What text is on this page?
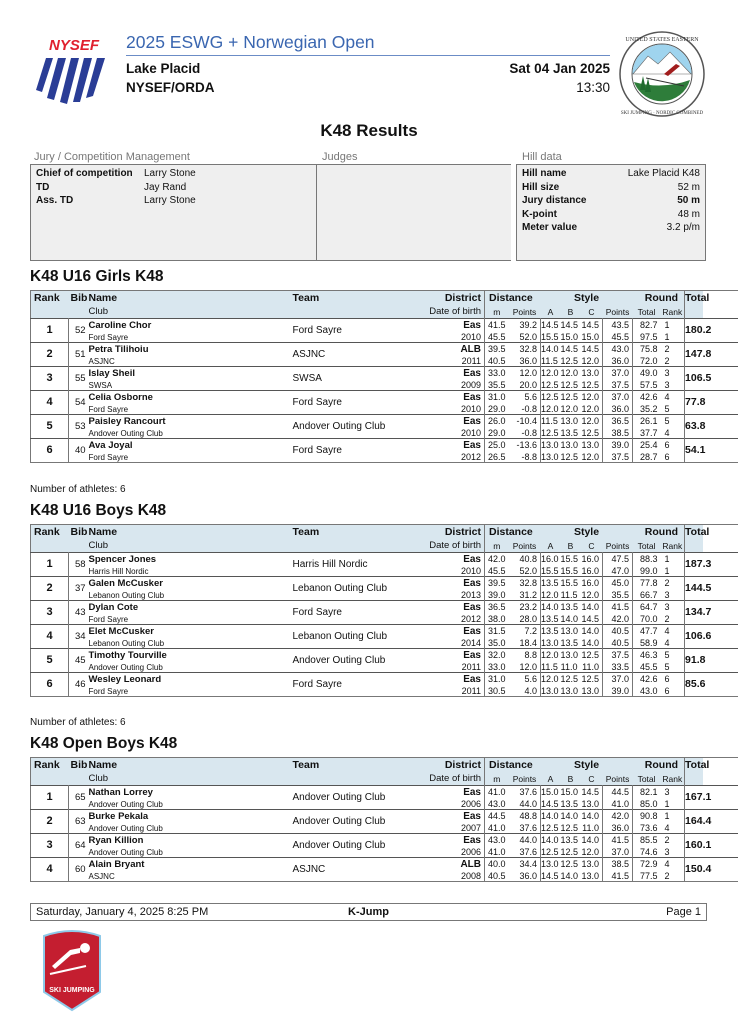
NYSEF 2025 ESWG + Norwegian Open
Lake Placid
NYSEF/ORDA
Sat 04 Jan 2025
13:30
UNITED STATES EASTERN
SKI JUMPING · NORDIC COMBINED
K48 Results
Jury / Competition Management	Judges	Hill data
Chief of competition	Larry Stone
TD	Jay Rand
Ass. TD	Larry Stone
Hill name	Lake Placid K48
Hill size	52 m
Jury distance	50 m
K-point	48 m
Meter value	3.2 p/m
K48 U16 Girls K48
Rank	Bib	Name	Team	District	Distance		Style				Round		Total
		Club		Date of birth	m	Points	A	B	C	Points	Total	Rank	
1	52	Caroline Chor	Ford Sayre	Eas	41.5	39.2	14.5	14.5	14.5	43.5	82.7	1	180.2
		Ford Sayre		2010	45.5	52.0	15.5	15.0	15.0	45.5	97.5	1	
2	51	Petra Tilihoiu	ASJNC	ALB	39.5	32.8	14.0	14.5	14.5	43.0	75.8	2	147.8
		ASJNC		2011	40.5	36.0	11.5	12.5	12.0	36.0	72.0	2	
3	55	Islay Sheil	SWSA	Eas	33.0	12.0	12.0	12.0	13.0	37.0	49.0	3	106.5
		SWSA		2009	35.5	20.0	12.5	12.5	12.5	37.5	57.5	3	
4	54	Celia Osborne	Ford Sayre	Eas	31.0	5.6	12.5	12.5	12.0	37.0	42.6	4	77.8
		Ford Sayre		2010	29.0	-0.8	12.0	12.0	12.0	36.0	35.2	5	
5	53	Paisley Rancourt	Andover Outing Club	Eas	26.0	-10.4	11.5	13.0	12.0	36.5	26.1	5	63.8
		Andover Outing Club		2010	29.0	-0.8	12.5	13.5	12.5	38.5	37.7	4	
6	40	Ava Joyal	Ford Sayre	Eas	25.0	-13.6	13.0	13.0	13.0	39.0	25.4	6	54.1
		Ford Sayre		2012	26.5	-8.8	13.0	12.5	12.0	37.5	28.7	6	
Number of athletes: 6
K48 U16 Boys K48
Rank	Bib	Name	Team	District	Distance		Style				Round		Total
		Club		Date of birth	m	Points	A	B	C	Points	Total	Rank	
1	58	Spencer Jones	Harris Hill Nordic	Eas	42.0	40.8	16.0	15.5	16.0	47.5	88.3	1	187.3
		Harris Hill Nordic		2010	45.5	52.0	15.5	15.5	16.0	47.0	99.0	1	
2	37	Galen McCusker	Lebanon Outing Club	Eas	39.5	32.8	13.5	15.5	16.0	45.0	77.8	2	144.5
		Lebanon Outing Club		2013	39.0	31.2	12.0	11.5	12.0	35.5	66.7	3	
3	43	Dylan Cote	Ford Sayre	Eas	36.5	23.2	14.0	13.5	14.0	41.5	64.7	3	134.7
		Ford Sayre		2012	38.0	28.0	13.5	14.0	14.5	42.0	70.0	2	
4	34	Elet McCusker	Lebanon Outing Club	Eas	31.5	7.2	13.5	13.0	14.0	40.5	47.7	4	106.6
		Lebanon Outing Club		2014	35.0	18.4	13.0	13.5	14.0	40.5	58.9	4	
5	45	Timothy Tourville	Andover Outing Club	Eas	32.0	8.8	12.0	13.0	12.5	37.5	46.3	5	91.8
		Andover Outing Club		2011	33.0	12.0	11.5	11.0	11.0	33.5	45.5	5	
6	46	Wesley Leonard	Ford Sayre	Eas	31.0	5.6	12.0	12.5	12.5	37.0	42.6	6	85.6
		Ford Sayre		2011	30.5	4.0	13.0	13.0	13.0	39.0	43.0	6	
Number of athletes: 6
K48 Open Boys K48
Rank	Bib	Name	Team	District	Distance		Style				Round		Total
		Club		Date of birth	m	Points	A	B	C	Points	Total	Rank	
1	65	Nathan Lorrey	Andover Outing Club	Eas	41.0	37.6	15.0	15.0	14.5	44.5	82.1	3	167.1
		Andover Outing Club		2006	43.0	44.0	14.5	13.5	13.0	41.0	85.0	1	
2	63	Burke Pekala	Andover Outing Club	Eas	44.5	48.8	14.0	14.0	14.0	42.0	90.8	1	164.4
		Andover Outing Club		2007	41.0	37.6	12.5	12.5	11.0	36.0	73.6	4	
3	64	Ryan Killion	Andover Outing Club	Eas	43.0	44.0	14.0	13.5	14.0	41.5	85.5	2	160.1
		Andover Outing Club		2006	41.0	37.6	12.5	12.5	12.0	37.0	74.6	3	
4	60	Alain Bryant	ASJNC	ALB	40.0	34.4	13.0	12.5	13.0	38.5	72.9	4	150.4
		ASJNC		2008	40.5	36.0	14.5	14.0	13.0	41.5	77.5	2	
Saturday, January 4, 2025 8:25 PM	K-Jump	Page 1
SKI JUMPING
